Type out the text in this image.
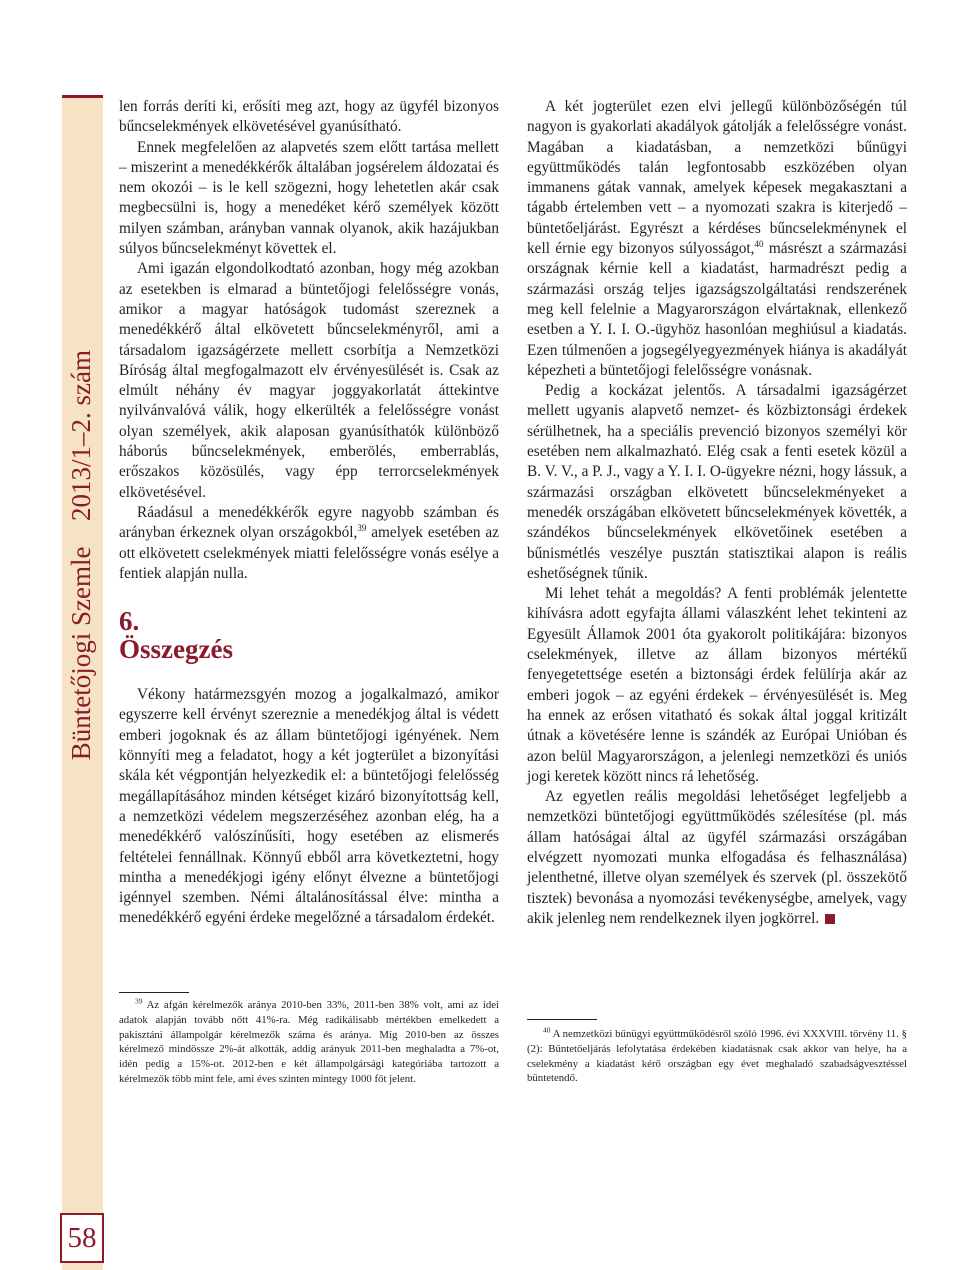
Büntetőjogi Szemle   2013/1–2. szám
58

len forrás deríti ki, erősíti meg azt, hogy az ügyfél bizonyos bűncselekmények elkövetésével gyanúsítható.

Ennek megfelelően az alapvetés szem előtt tartása mellett – miszerint a menedékkérők általában jogsérelem áldozatai és nem okozói – is le kell szögezni, hogy lehetetlen akár csak megbecsülni is, hogy a menedéket kérő személyek között milyen számban, arányban vannak olyanok, akik hazájukban súlyos bűncselekményt követtek el.

Ami igazán elgondolkodtató azonban, hogy még azokban az esetekben is elmarad a büntetőjogi felelősségre vonás, amikor a magyar hatóságok tudomást szereznek a menedékkérő által elkövetett bűncselekményről, ami a társadalom igazságérzete mellett csorbítja a Nemzetközi Bíróság által megfogalmazott elv érvényesülését is. Csak az elmúlt néhány év magyar joggyakorlatát áttekintve nyilvánvalóvá válik, hogy elkerülték a felelősségre vonást olyan személyek, akik alaposan gyanúsíthatók különböző háborús bűncselekmények, emberölés, emberrablás, erőszakos közösülés, vagy épp terrorcselekmények elkövetésével.

Ráadásul a menedékkérők egyre nagyobb számban és arányban érkeznek olyan országokból,$^{39}$ amelyek esetében az ott elkövetett cselekmények miatti felelősségre vonás esélye a fentiek alapján nulla.

6.
Összegzés

Vékony határmezsgyén mozog a jogalkalmazó, amikor egyszerre kell érvényt szereznie a menedékjog által is védett emberi jogoknak és az állam büntetőjogi igényének. Nem könnyíti meg a feladatot, hogy a két jogterület a bizonyítási skála két végpontján helyezkedik el: a büntetőjogi felelősség megállapításához minden kétséget kizáró bizonyítottság kell, a nemzetközi védelem megszerzéséhez azonban elég, ha a menedékkérő valószínűsíti, hogy esetében az elismerés feltételei fennállnak. Könnyű ebből arra következtetni, hogy mintha a menedékjogi igény előnyt élvezne a büntetőjogi igénnyel szemben. Némi általánosítással élve: mintha a menedékkérő egyéni érdeke megelőzné a társadalom érdekét.

A két jogterület ezen elvi jellegű különbözőségén túl nagyon is gyakorlati akadályok gátolják a felelősségre vonást. Magában a kiadatásban, a nemzetközi bűnügyi együttműködés talán legfontosabb eszközében olyan immanens gátak vannak, amelyek képesek megakasztani a tágabb értelemben vett – a nyomozati szakra is kiterjedő – büntetőeljárást. Egyrészt a kérdéses bűncselekménynek el kell érnie egy bizonyos súlyosságot,$^{40}$ másrészt a származási országnak kérnie kell a kiadatást, harmadrészt pedig a származási ország teljes igazságszolgáltatási rendszerének meg kell felelnie a Magyarországon elvártaknak, ellenkező esetben a Y. I. I. O.-ügyhöz hasonlóan meghiúsul a kiadatás. Ezen túlmenően a jogsegélyegyezmények hiánya is akadályát képezheti a büntetőjogi felelősségre vonásnak.

Pedig a kockázat jelentős. A társadalmi igazságérzet mellett ugyanis alapvető nemzet- és közbiztonsági érdekek sérülhetnek, ha a speciális prevenció bizonyos személyi kör esetében nem alkalmazható. Elég csak a fenti esetek közül a B. V. V., a P. J., vagy a Y. I. I. O-ügyekre nézni, hogy lássuk, a származási országban elkövetett bűncselekményeket a menedék országában elkövetett bűncselekmények követték, a szándékos bűncselekmények elkövetőinek esetében a bűnismétlés veszélye pusztán statisztikai alapon is reális eshetőségnek tűnik.

Mi lehet tehát a megoldás? A fenti problémák jelentette kihívásra adott egyfajta állami válaszként lehet tekinteni az Egyesült Államok 2001 óta gyakorolt politikájára: bizonyos cselekmények, illetve az állam bizonyos mértékű fenyegetettsége esetén a biztonsági érdek felülírja akár az emberi jogok – az egyéni érdekek – érvényesülését is. Meg ha ennek az erősen vitatható és sokak által joggal kritizált útnak a követésére lenne is szándék az Európai Unióban és azon belül Magyarországon, a jelenlegi nemzetközi és uniós jogi keretek között nincs rá lehetőség.

Az egyetlen reális megoldási lehetőséget legfeljebb a nemzetközi büntetőjogi együttműködés szélesítése (pl. más állam hatóságai által az ügyfél származási országában elvégzett nyomozati munka elfogadása és felhasználása) jelenthetné, illetve olyan személyek és szervek (pl. összekötő tisztek) bevonása a nyomozási tevékenységbe, amelyek, vagy akik jelenleg nem rendelkeznek ilyen jogkörrel.

$^{39}$ Az afgán kérelmezők aránya 2010-ben 33%, 2011-ben 38% volt, ami az idei adatok alapján tovább nőtt 41%-ra. Még radikálisabb mértékben emelkedett a pakisztáni állampolgár kérelmezők száma és aránya. Míg 2010-ben az összes kérelmező mindössze 2%-át alkották, addig arányuk 2011-ben meghaladta a 7%-ot, idén pedig a 15%-ot. 2012-ben e két állampolgársági kategóriába tartozott a kérelmezők több mint fele, ami éves szinten mintegy 1000 főt jelent.

$^{40}$ A nemzetközi bűnügyi együttműködésről szóló 1996. évi XXXVIII. törvény 11. § (2): Büntetőeljárás lefolytatása érdekében kiadatásnak csak akkor van helye, ha a cselekmény a kiadatást kérő országban egy évet meghaladó szabadságvesztéssel büntetendő.
